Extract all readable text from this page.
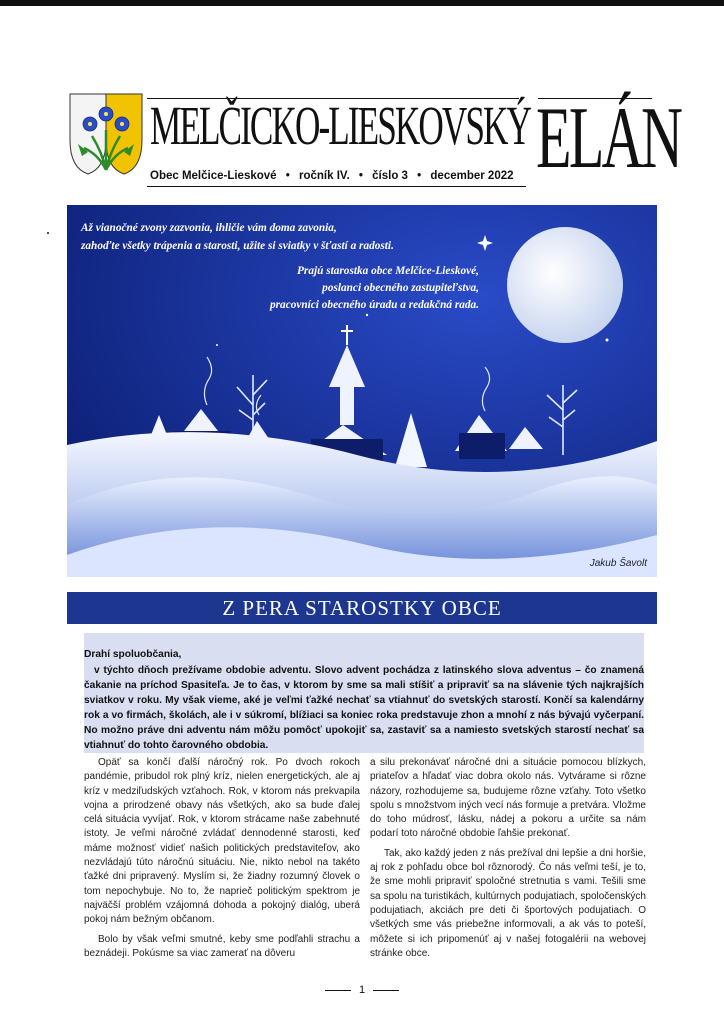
MELČICKO-LIESKOVSKÝ ELÁN
Obec Melčice-Lieskové • ročník IV. • číslo 3 • december 2022
Až vianočné zvony zazvonia, ihličie vám doma zavonia,
zahoďte všetky trápenia a starosti, užite si sviatky v šťastí a radosti.
Prajú starostka obce Melčice-Lieskové,
poslanci obecného zastupiteľstva,
pracovníci obecného úradu a redakčná rada.
Jakub Šavolt
Z PERA STAROSTKY OBCE

Drahí spoluobčania,

v týchto dňoch prežívame obdobie adventu. Slovo advent pochádza z latinského slova adventus – čo znamená čakanie na príchod Spasiteľa. Je to čas, v ktorom by sme sa mali stíšiť a pripraviť sa na slávenie tých najkrajších sviatkov v roku. My však vieme, aké je veľmi ťažké nechať sa vtiahnuť do svetských starostí. Končí sa kalendárny rok a vo firmách, školách, ale i v súkromí, blížiaci sa koniec roka predstavuje zhon a mnohí z nás bývajú vyčerpaní. No možno práve dni adventu nám môžu pomôcť upokojiť sa, zastaviť sa a namiesto svetských starostí nechať sa vtiahnuť do tohto čarovného obdobia.

Opäť sa končí ďalší náročný rok. Po dvoch rokoch pandémie, pribudol rok plný kríz, nielen energetických, ale aj kríz v medziľudských vzťahoch. Rok, v ktorom nás prekvapila vojna a prirodzené obavy nás všetkých, ako sa bude ďalej celá situácia vyvíjať. Rok, v ktorom strácame naše zabehnuté istoty. Je veľmi náročné zvládať dennodenné starosti, keď máme možnosť vidieť našich politických predstaviteľov, ako nezvládajú túto náročnú situáciu. Nie, nikto nebol na takéto ťažké dni pripravený. Myslím si, že žiadny rozumný človek o tom nepochybuje. No to, že naprieč politickým spektrom je najväčší problém vzájomná dohoda a pokojný dialóg, uberá pokoj nám bežným občanom.

Bolo by však veľmi smutné, keby sme podľahli strachu a beznádeji. Pokúsme sa viac zamerať na dôveru

a silu prekonávať náročné dni a situácie pomocou blízkych, priateľov a hľadať viac dobra okolo nás. Vytvárame si rôzne názory, rozhodujeme sa, budujeme rôzne vzťahy. Toto všetko spolu s množstvom iných vecí nás formuje a pretvára. Vložme do toho múdrosť, lásku, nádej a pokoru a určite sa nám podarí toto náročné obdobie ľahšie prekonať.

Tak, ako každý jeden z nás prežíval dni lepšie a dni horšie, aj rok z pohľadu obce bol rôznorodý. Čo nás veľmi teší, je to, že sme mohli pripraviť spoločné stretnutia s vami. Tešili sme sa spolu na turistikách, kultúrnych podujatiach, spoločenských podujatiach, akciách pre deti či športových podujatiach. O všetkých sme vás priebežne informovali, a ak vás to poteší, môžete si ich pripomenúť aj v našej fotogalérii na webovej stránke obce.

1
